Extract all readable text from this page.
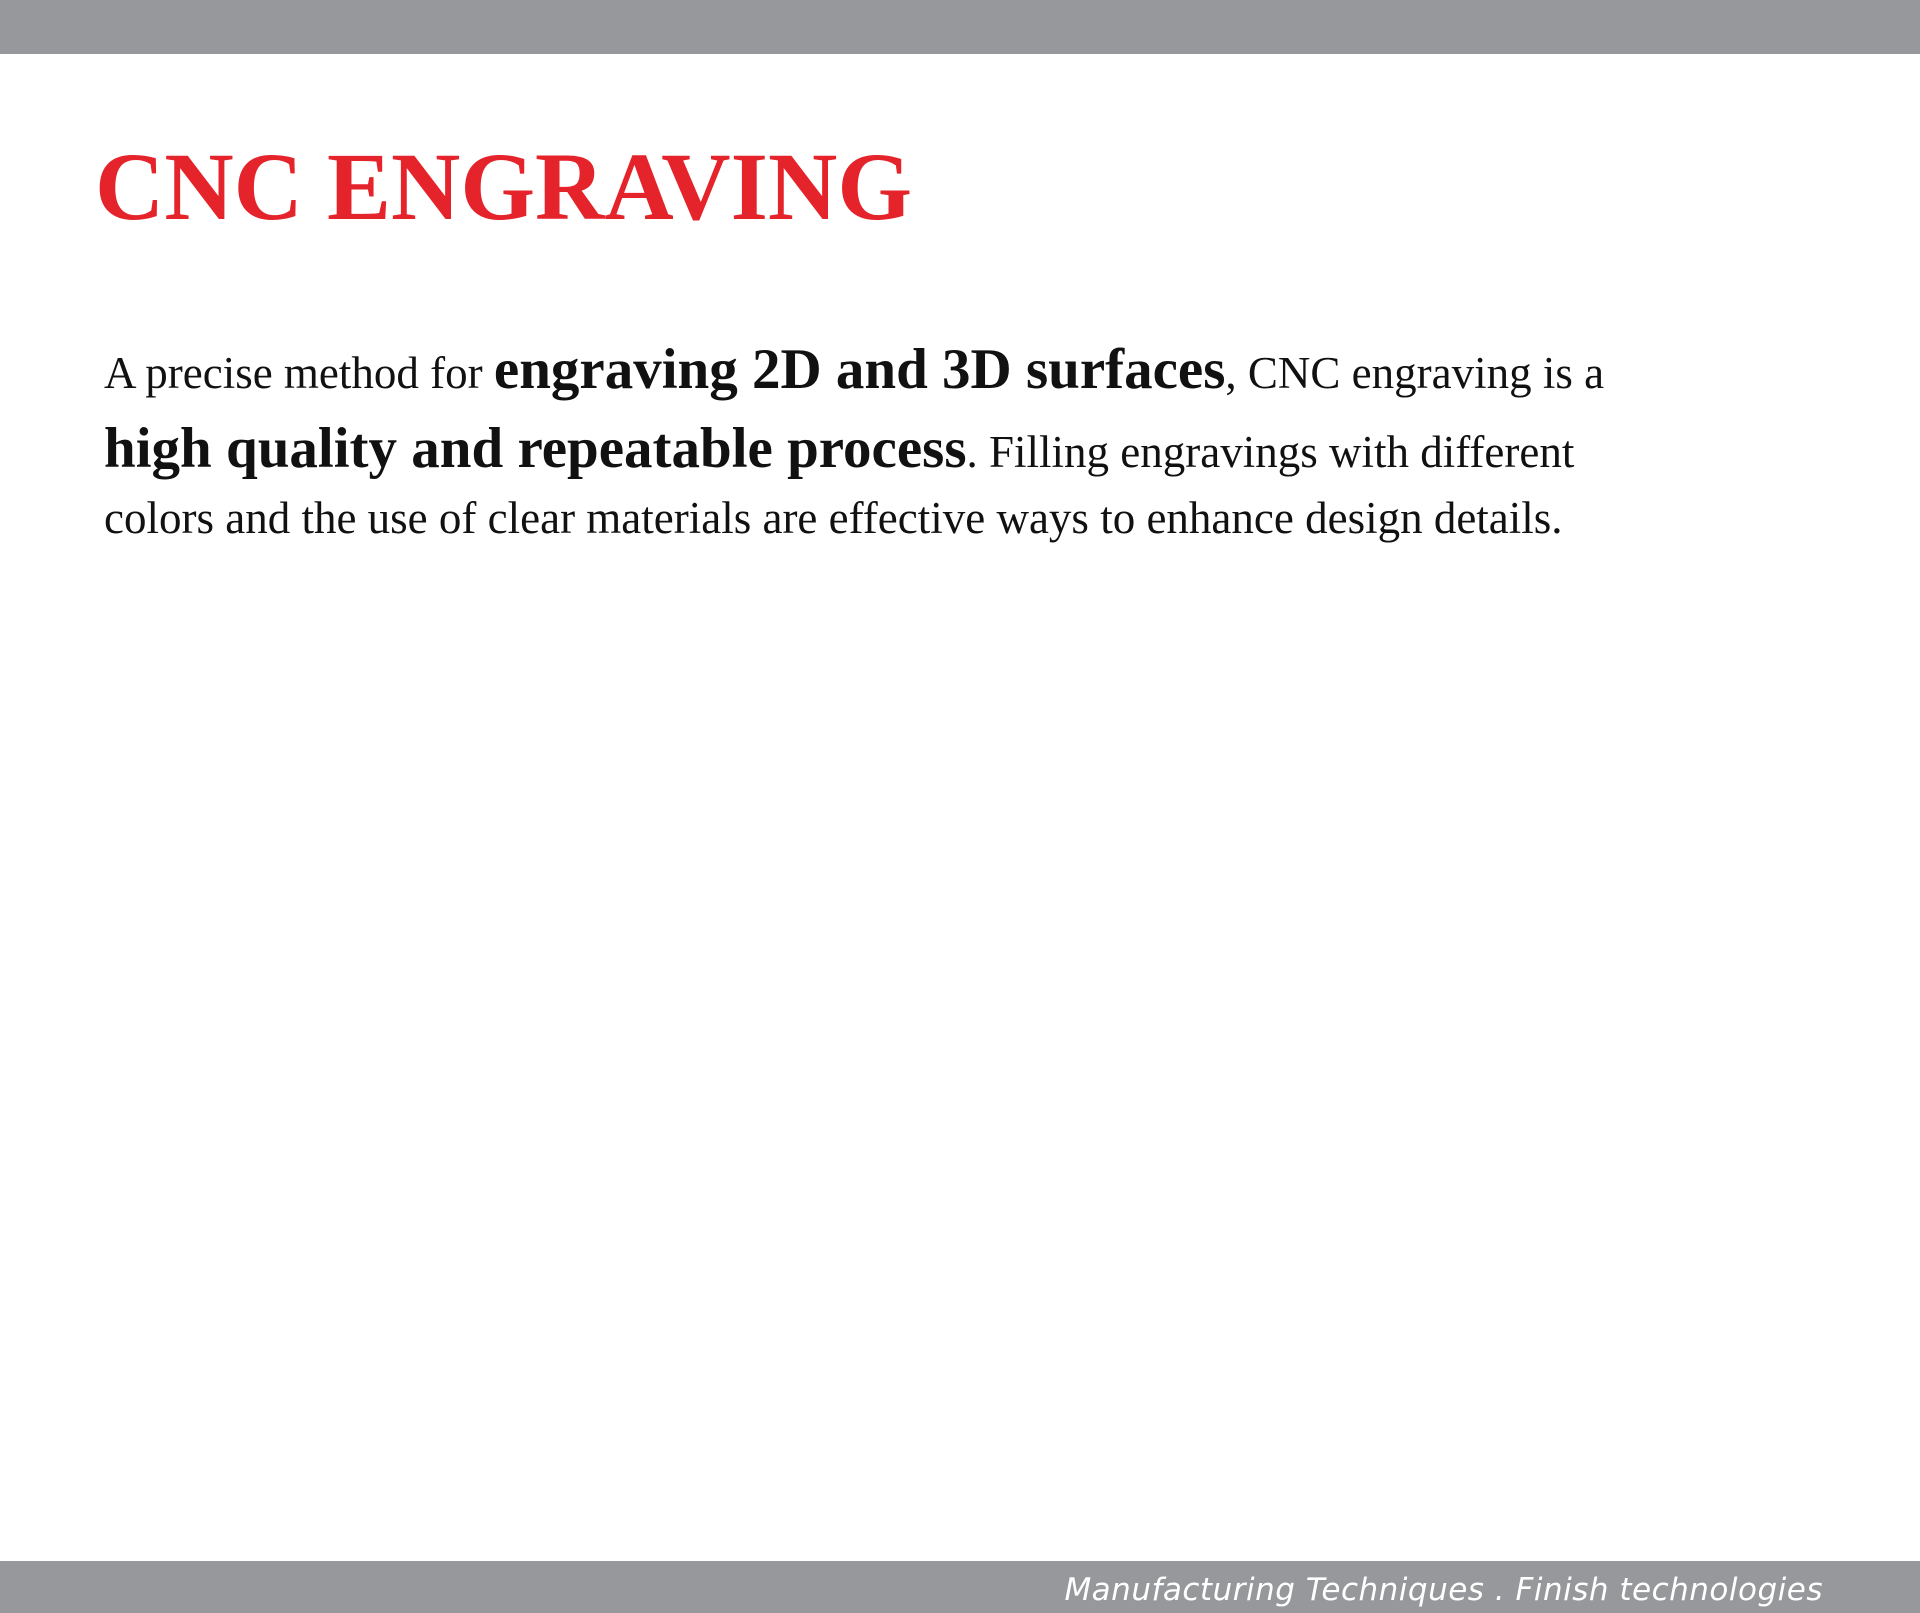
CNC ENGRAVING

A precise method for engraving 2D and 3D surfaces, CNC engraving is a
high quality and repeatable process. Filling engravings with different
colors and the use of clear materials are effective ways to enhance design details.

Manufacturing Techniques . Finish technologies
